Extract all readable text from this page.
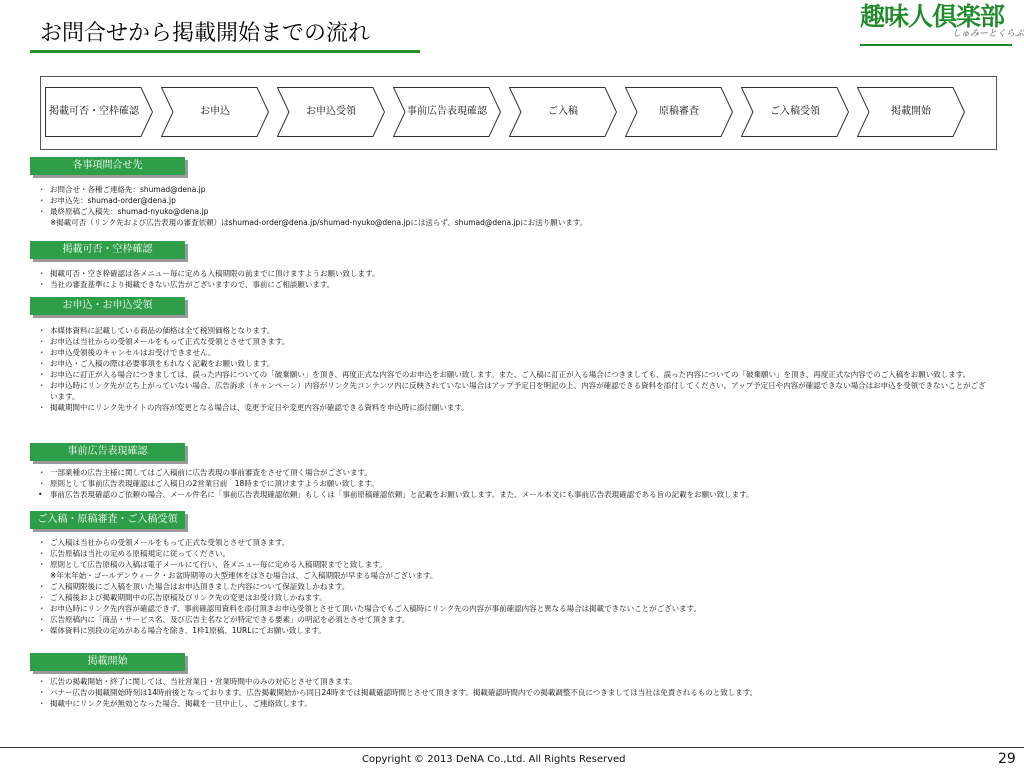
お問合せから掲載開始までの流れ
趣味人倶楽部
しゅみーとくらぶ
掲載可否・空枠確認	お申込	お申込受領	事前広告表現確認	ご入稿	原稿審査	ご入稿受領	掲載開始
各事項問合せ先
・ お問合せ・各種ご連絡先：shumad@dena.jp
・ お申込先：shumad-order@dena.jp
・ 最終原稿ご入稿先：shumad-nyuko@dena.jp
※掲載可否（リンク先および広告表現の審査依頼）はshumad-order@dena.jp/shumad-nyuko@dena.jpには送らず、shumad@dena.jpにお送り願います。
掲載可否・空枠確認
・ 掲載可否・空き枠確認は各メニュー毎に定める入稿期限の前までに頂けますようお願い致します。
・ 当社の審査基準により掲載できない広告がございますので、事前にご相談願います。
お申込・お申込受領
・ 本媒体資料に記載している商品の価格は全て税別価格となります。
・ お申込は当社からの受領メールをもって正式な受領とさせて頂きます。
・ お申込受領後のキャンセルはお受けできません。
・ お申込・ご入稿の際は必要事項をもれなく記載をお願い致します。
・ お申込に訂正が入る場合につきましては、誤った内容についての「破棄願い」を頂き、再度正式な内容でのお申込をお願い致します。また、ご入稿に訂正が入る場合につきましても、誤った内容についての「破棄願い」を頂き、再度正式な内容でのご入稿をお願い致します。
・ お申込時にリンク先が立ち上がっていない場合、広告訴求（キャンペーン）内容がリンク先コンテンツ内に反映されていない場合はアップ予定日を明記の上、内容が確認できる資料を添付してください。アップ予定日や内容が確認できない場合はお申込を受領できないことがございます。
・ 掲載期間中にリンク先サイトの内容が変更となる場合は、変更予定日や変更内容が確認できる資料を申込時に添付願います。
事前広告表現確認
・ 一部業種の広告主様に関してはご入稿前に広告表現の事前審査をさせて頂く場合がございます。
・ 原則として事前広告表現確認はご入稿日の2営業日前　18時までに頂けますようお願い致します。
• 事前広告表現確認のご依頼の場合、メール件名に「事前広告表現確認依頼」もしくは「事前原稿確認依頼」と記載をお願い致します。また、メール本文にも事前広告表現確認である旨の記載をお願い致します。
ご入稿・原稿審査・ご入稿受領
・ ご入稿は当社からの受領メールをもって正式な受領とさせて頂きます。
・ 広告原稿は当社の定める原稿規定に従ってください。
・ 原則として広告原稿の入稿は電子メールにて行い、各メニュー毎に定める入稿期限までと致します。
※年末年始・ゴールデンウィーク・お盆時期等の大型連休をはさむ場合は、ご入稿期限が早まる場合がございます。
・ ご入稿期限後にご入稿を頂いた場合はお申込頂きました内容について保証致しかねます。
・ ご入稿後および掲載期間中の広告原稿及びリンク先の変更はお受け致しかねます。
・ お申込時にリンク先内容が確認できず、事前確認用資料を添付頂きお申込受領とさせて頂いた場合でもご入稿時にリンク先の内容が事前確認内容と異なる場合は掲載できないことがございます。
・ 広告原稿内に「商品・サービス名、及び広告主名などが特定できる要素」の明記を必須とさせて頂きます。
・ 媒体資料に別段の定めがある場合を除き、1枠1原稿、1URLにてお願い致します。
掲載開始
・ 広告の掲載開始・終了に関しては、当社営業日・営業時間中のみの対応とさせて頂きます。
・ バナー広告の掲載開始時刻は14時前後となっております。広告掲載開始から同日24時までは掲載確認時間とさせて頂きます。掲載確認時間内での掲載調整不良につきましては当社は免責されるものと致します。
・ 掲載中にリンク先が無効となった場合、掲載を一旦中止し、ご連絡致します。
Copyright © 2013 DeNA Co.,Ltd. All Rights Reserved	29
